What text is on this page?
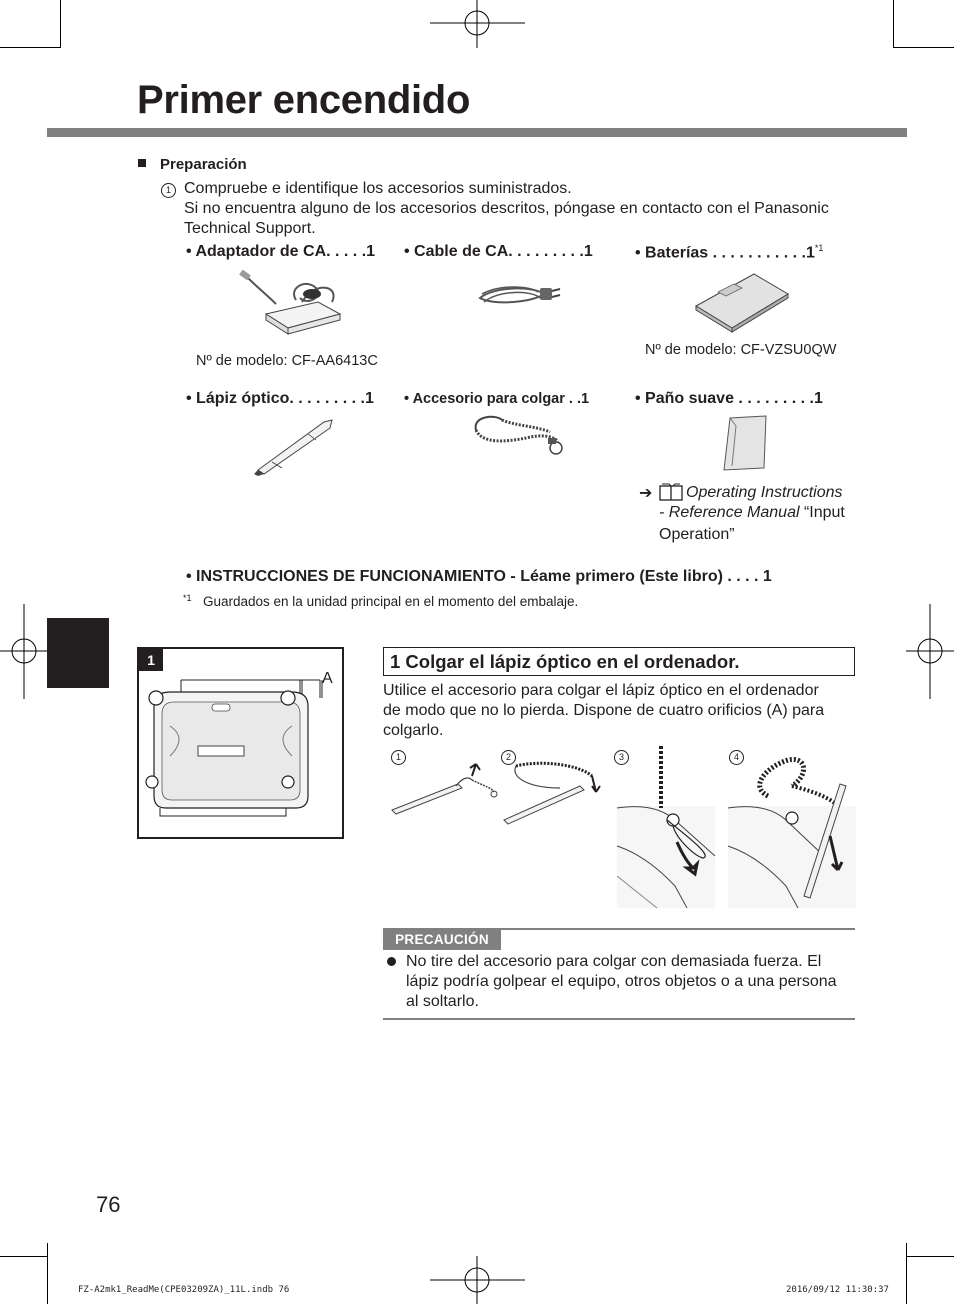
Primer encendido
Preparación
1 Compruebe e identifique los accesorios suministrados.
Si no encuentra alguno de los accesorios descritos, póngase en contacto con el Panasonic
Technical Support.
• Adaptador de CA. . . . .1 • Cable de CA. . . . . . . . .1	• Baterías . . . . . . . . . . .1$^{*1}$
Nº de modelo: CF-AA6413C
Nº de modelo: CF-VZSU0QW
• Lápiz óptico. . . . . . . . .1 • Accesorio para colgar . .1	• Paño suave . . . . . . . . .1
➔ Operating Instructions
- Reference Manual “Input
Operation”
• INSTRUCCIONES DE FUNCIONAMIENTO - Léame primero (Este libro) . . . . 1
*1 Guardados en la unidad principal en el momento del embalaje.
1
A
1 Colgar el lápiz óptico en el ordenador.
Utilice el accesorio para colgar el lápiz óptico en el ordenador
de modo que no lo pierda. Dispone de cuatro orificios (A) para
colgarlo.
1	2	3	4
PRECAUCIÓN
No tire del accesorio para colgar con demasiada fuerza. El
lápiz podría golpear el equipo, otros objetos o a una persona
al soltarlo.
76
FZ-A2mk1_ReadMe(CPE03209ZA)_11L.indb 76	2016/09/12 11:30:37
